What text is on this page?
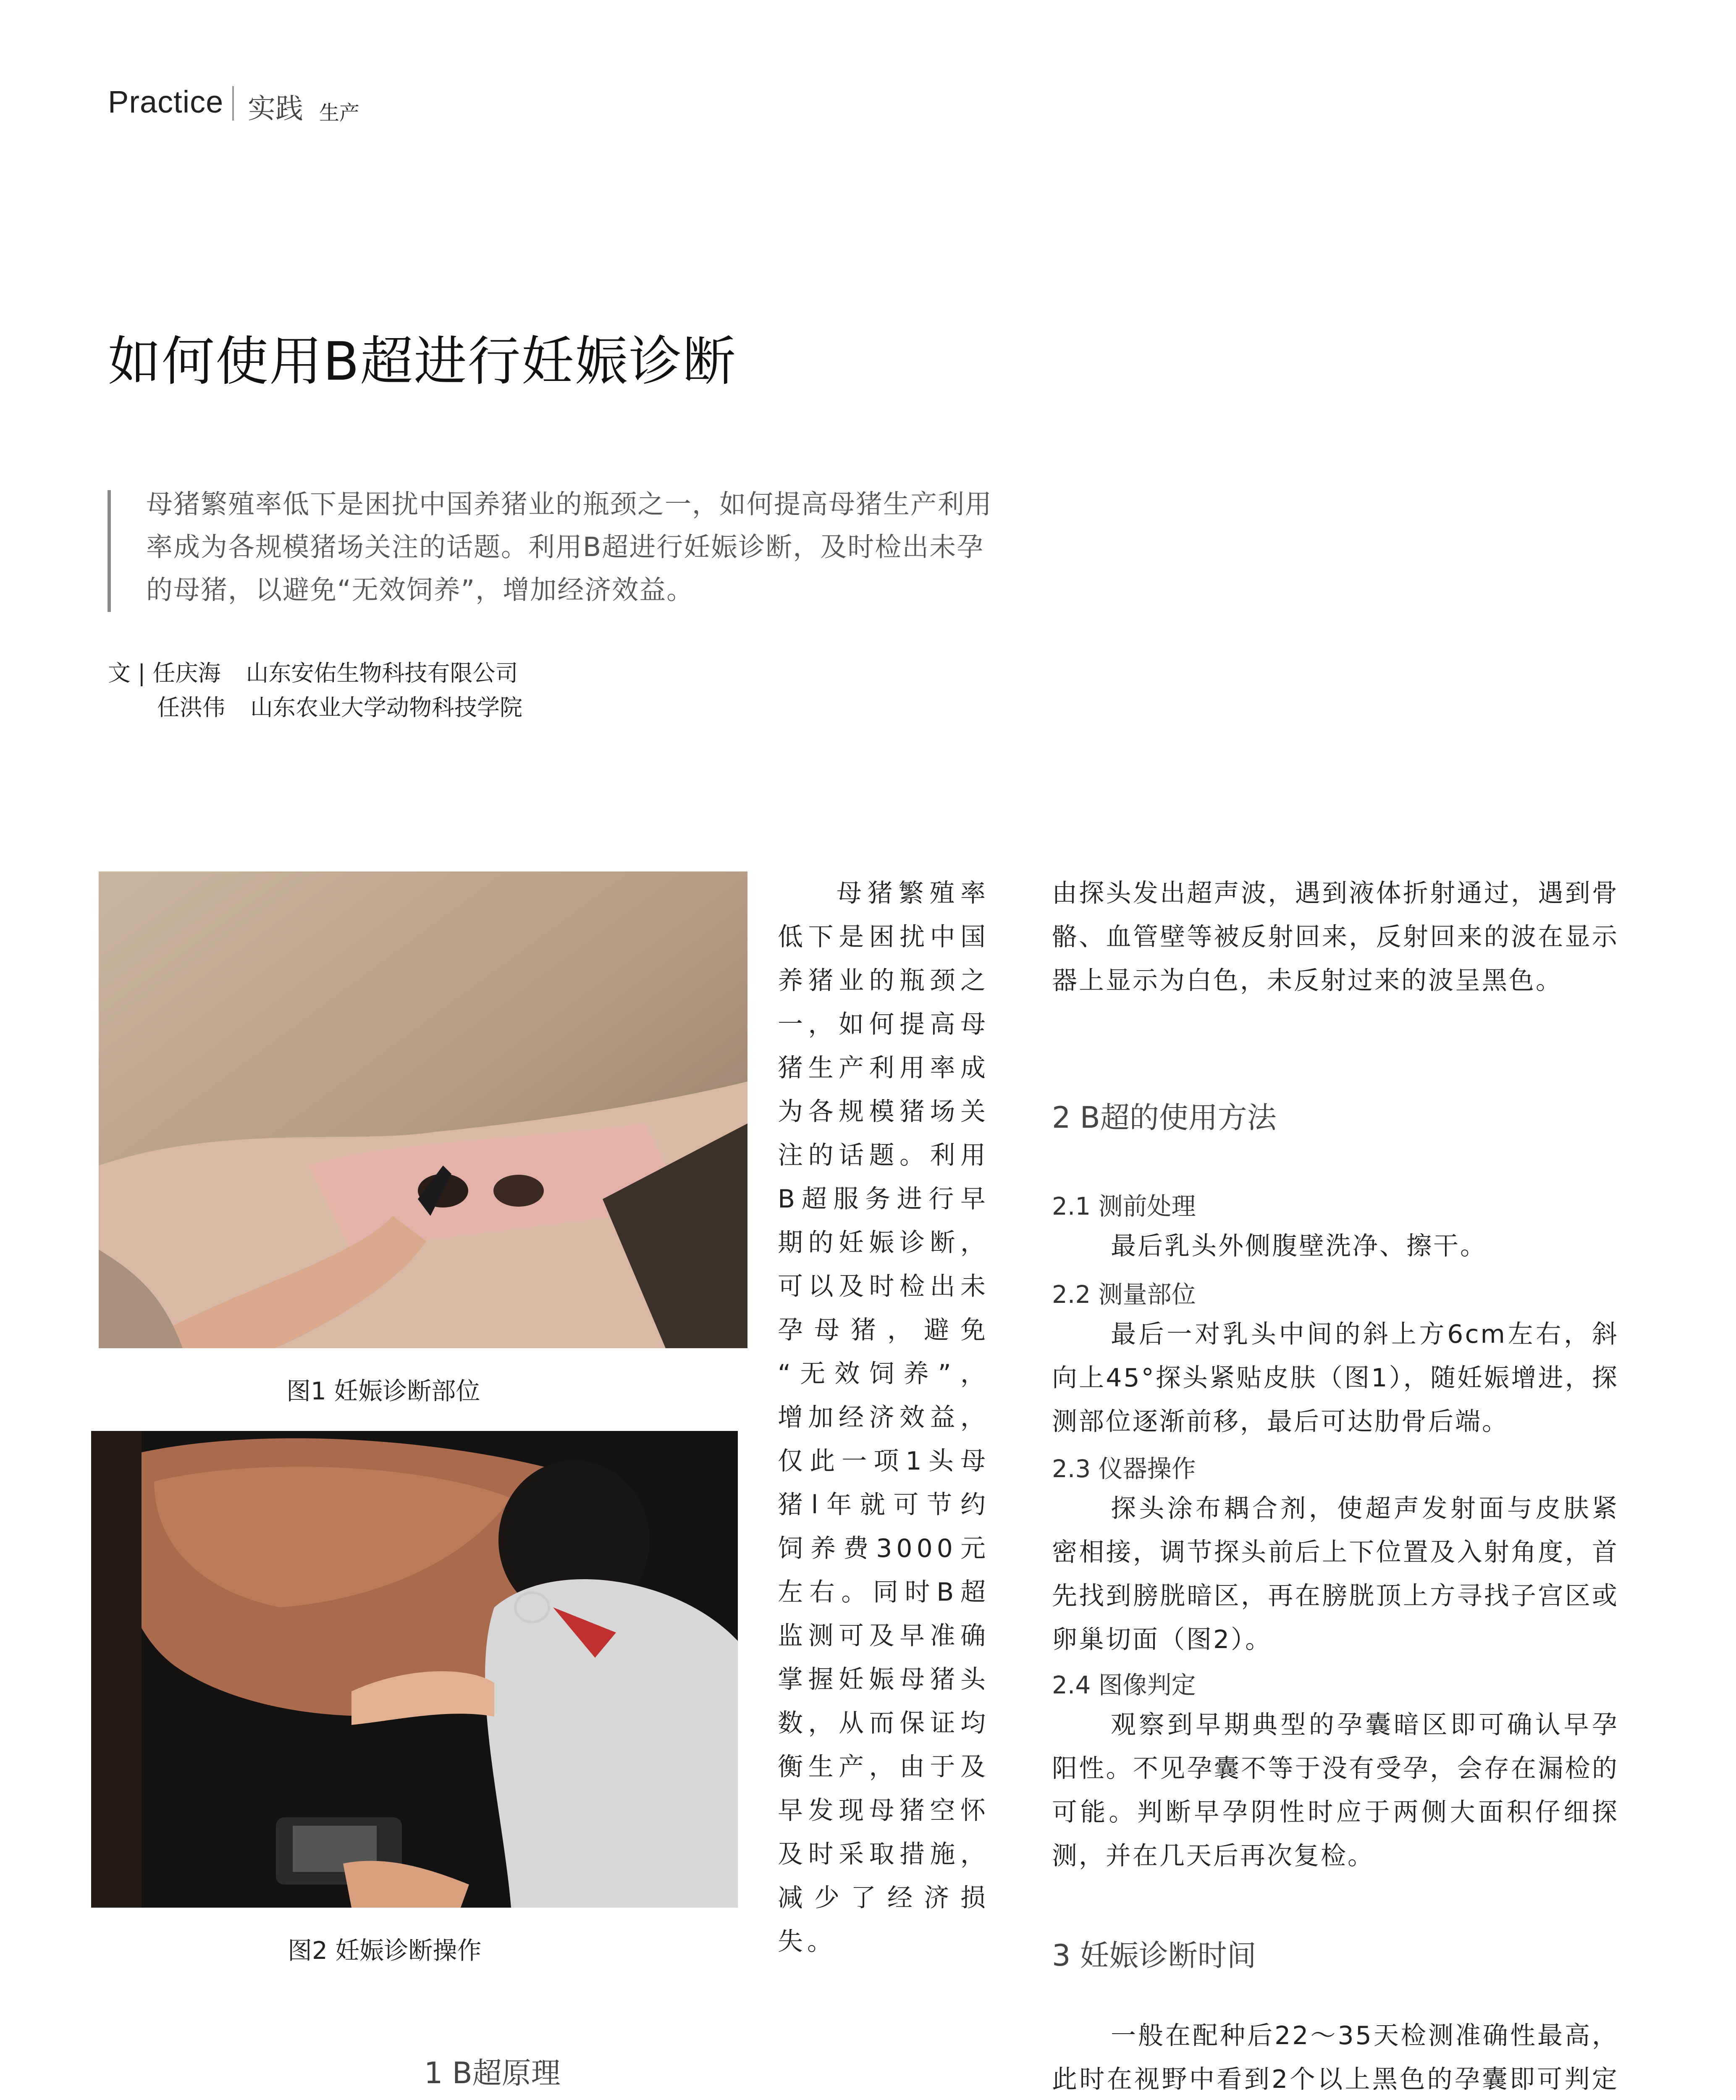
Practice 实践 生产
如何使用B超进行妊娠诊断
母猪繁殖率低下是困扰中国养猪业的瓶颈之一，如何提高母猪生产利用率成为各规模猪场关注的话题。利用B超进行妊娠诊断，及时检出未孕的母猪，以避免“无效饲养”，增加经济效益。
文 | 任庆海 山东安佑生物科技有限公司
任洪伟 山东农业大学动物科技学院
图1 妊娠诊断部位
图2 妊娠诊断操作

母猪繁殖率

低下是困扰中国

养猪业的瓶颈之

一，如何提高母

猪生产利用率成

为各规模猪场关

注的话题。利用

B超服务进行早

期的妊娠诊断，

可以及时检出未

孕母猪，避免

“无效饲养”，

增加经济效益，

仅此一项1头母

猪l年就可节约

饲养费3000元

左右。同时B超

监测可及早准确

掌握妊娠母猪头

数，从而保证均

衡生产，由于及

早发现母猪空怀

及时采取措施，

减少了经济损

失。

1 B超原理
由探头发出超声波，遇到液体折射通过，遇到骨骼、血管壁等被反射回来，反射回来的波在显示器上显示为白色，未反射过来的波呈黑色。
2 B超的使用方法
2.1 测前处理
最后乳头外侧腹壁洗净、擦干。
2.2 测量部位
最后一对乳头中间的斜上方6cm左右，斜向上45°探头紧贴皮肤（图1），随妊娠增进，探测部位逐渐前移，最后可达肋骨后端。
2.3 仪器操作
探头涂布耦合剂，使超声发射面与皮肤紧密相接，调节探头前后上下位置及入射角度，首先找到膀胱暗区，再在膀胱顶上方寻找子宫区或卵巢切面（图2）。
2.4 图像判定
观察到早期典型的孕囊暗区即可确认早孕阳性。不见孕囊不等于没有受孕，会存在漏检的可能。判断早孕阴性时应于两侧大面积仔细探测，并在几天后再次复检。
3 妊娠诊断时间
一般在配种后22～35天检测准确性最高，此时在视野中看到2个以上黑色的孕囊即可判定
